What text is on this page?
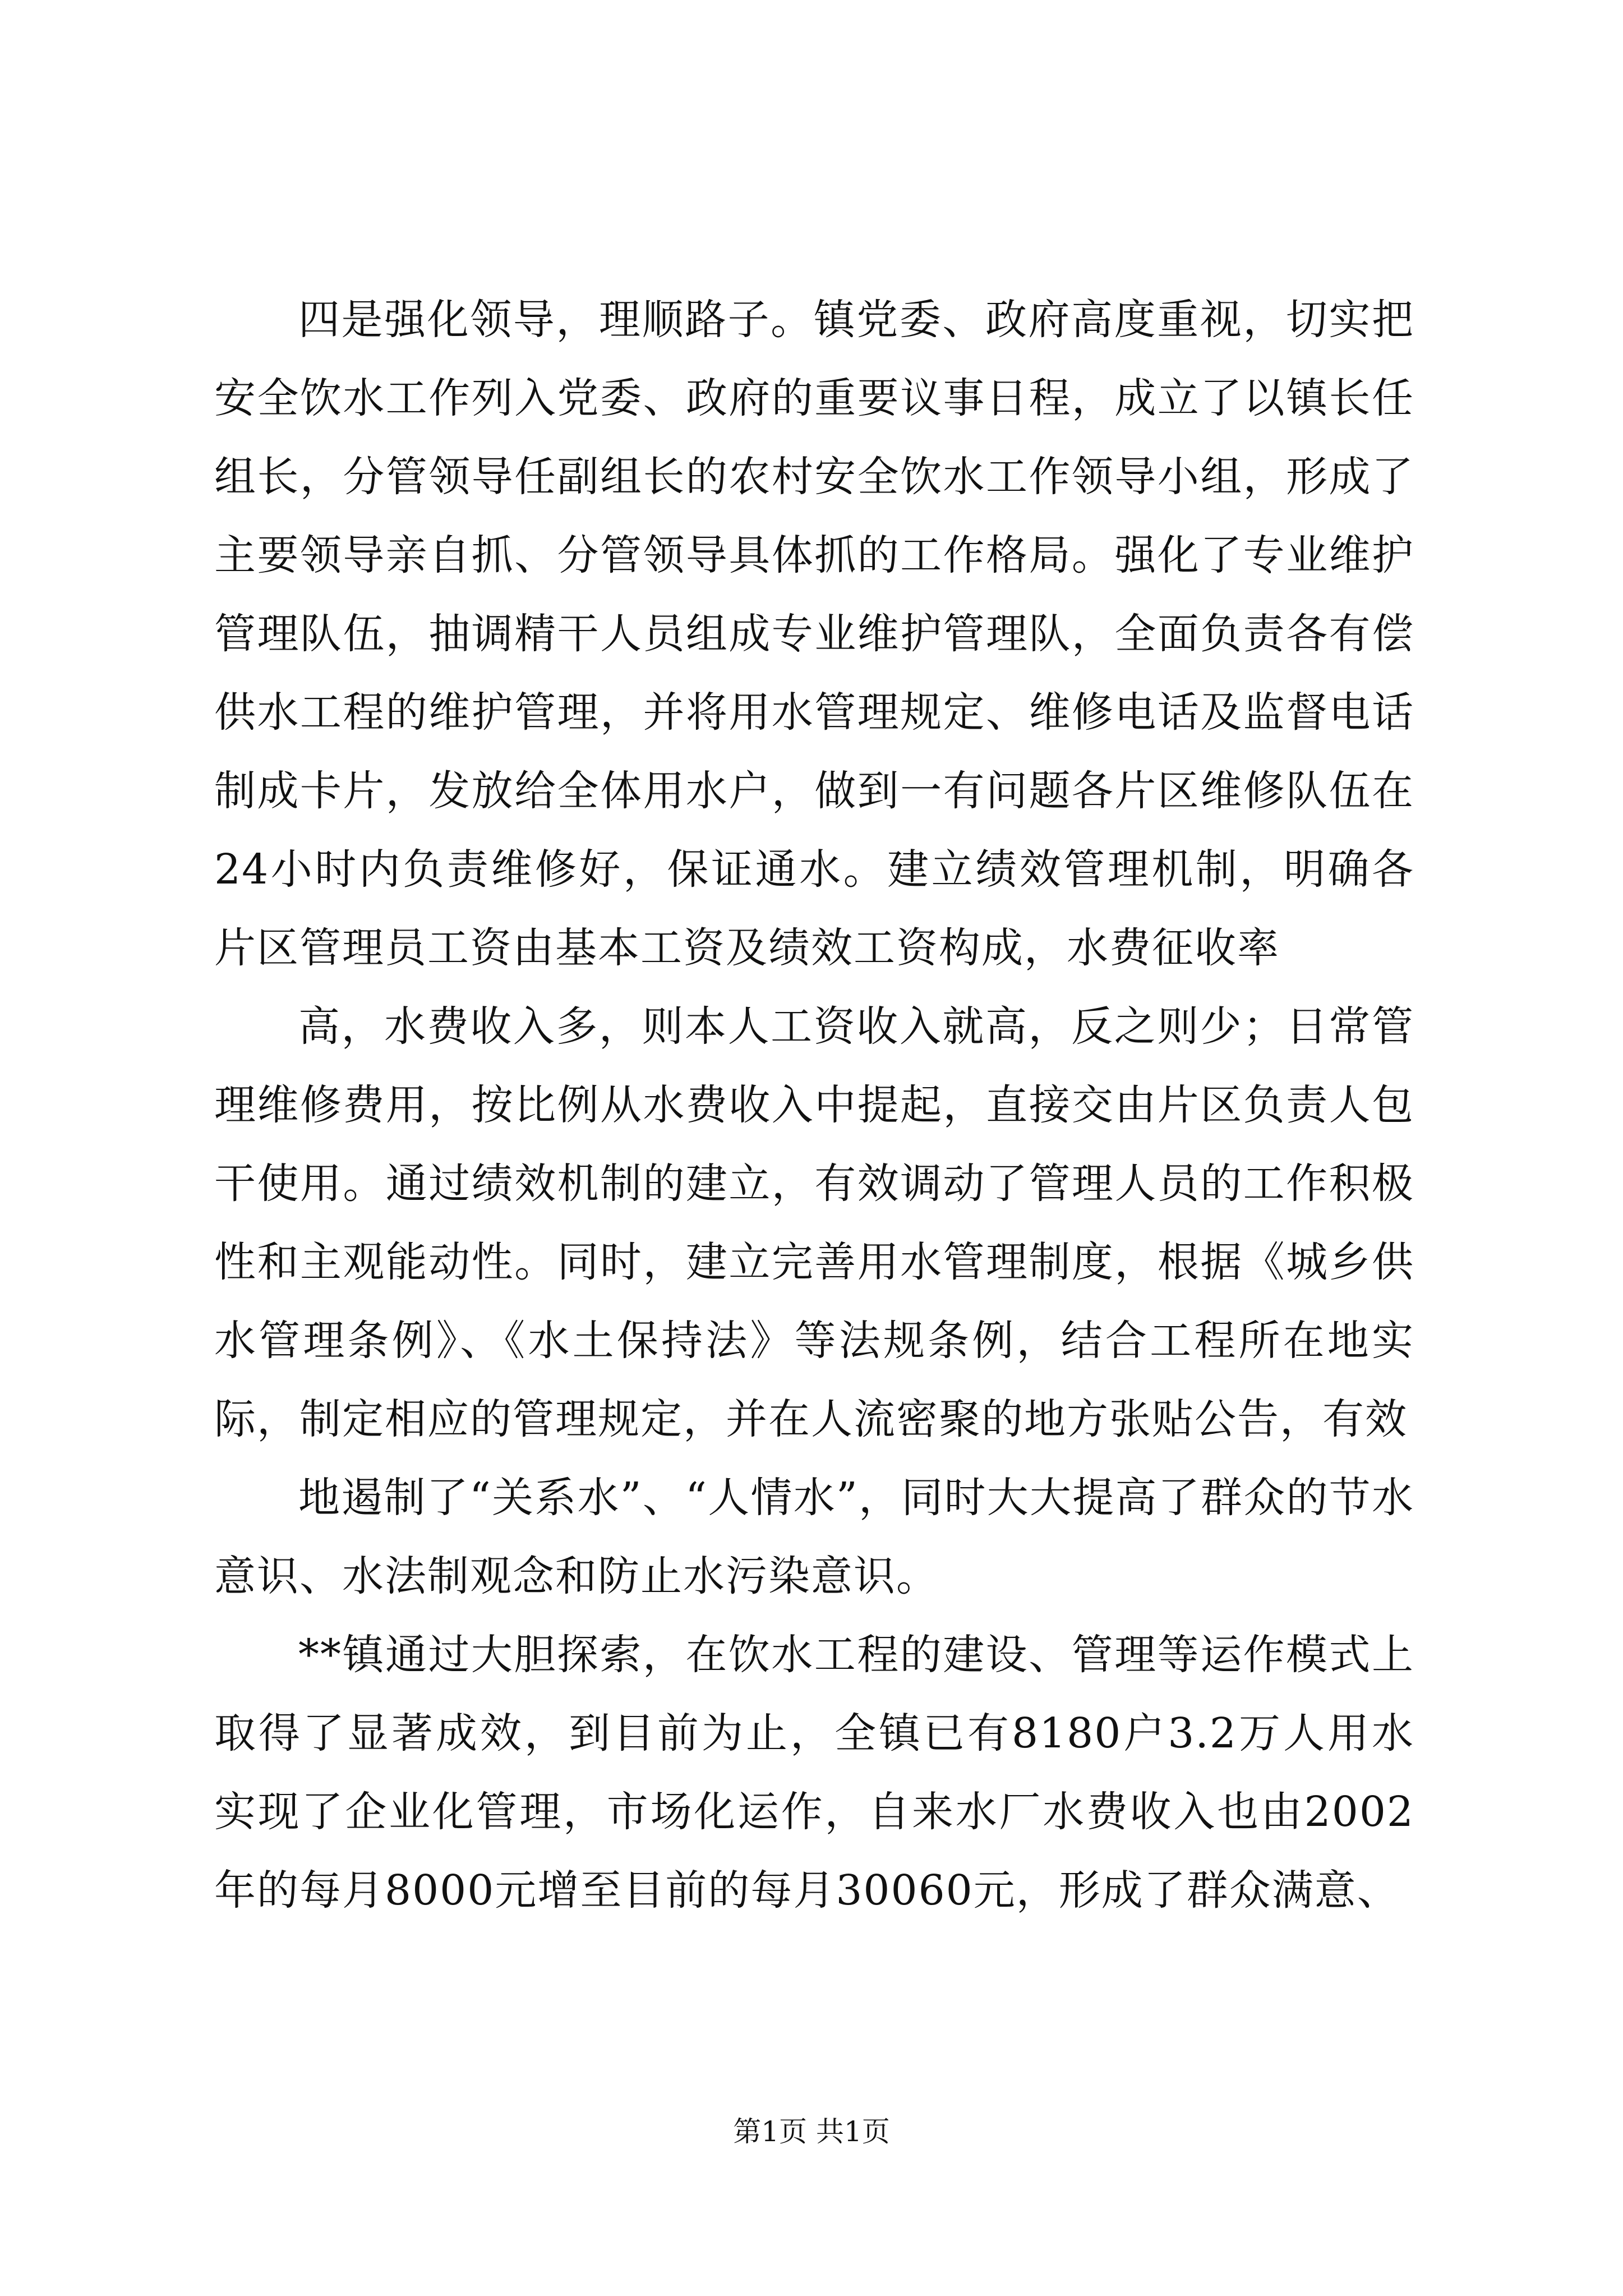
四是强化领导，理顺路子。镇党委、政府高度重视，切实把安全饮水工作列入党委、政府的重要议事日程，成立了以镇长任组长，分管领导任副组长的农村安全饮水工作领导小组，形成了主要领导亲自抓、分管领导具体抓的工作格局。强化了专业维护管理队伍，抽调精干人员组成专业维护管理队，全面负责各有偿供水工程的维护管理，并将用水管理规定、维修电话及监督电话制成卡片，发放给全体用水户，做到一有问题各片区维修队伍在24小时内负责维修好，保证通水。建立绩效管理机制，明确各片区管理员工资由基本工资及绩效工资构成，水费征收率

高，水费收入多，则本人工资收入就高，反之则少；日常管理维修费用，按比例从水费收入中提起，直接交由片区负责人包干使用。通过绩效机制的建立，有效调动了管理人员的工作积极性和主观能动性。同时，建立完善用水管理制度，根据《城乡供水管理条例》、《水土保持法》等法规条例，结合工程所在地实际，制定相应的管理规定，并在人流密聚的地方张贴公告，有效

地遏制了“关系水”、“人情水”，同时大大提高了群众的节水意识、水法制观念和防止水污染意识。

**镇通过大胆探索，在饮水工程的建设、管理等运作模式上取得了显著成效，到目前为止，全镇已有8180户3.2万人用水实现了企业化管理，市场化运作，自来水厂水费收入也由2002年的每月8000元增至目前的每月30060元，形成了群众满意、

第1页 共1页
